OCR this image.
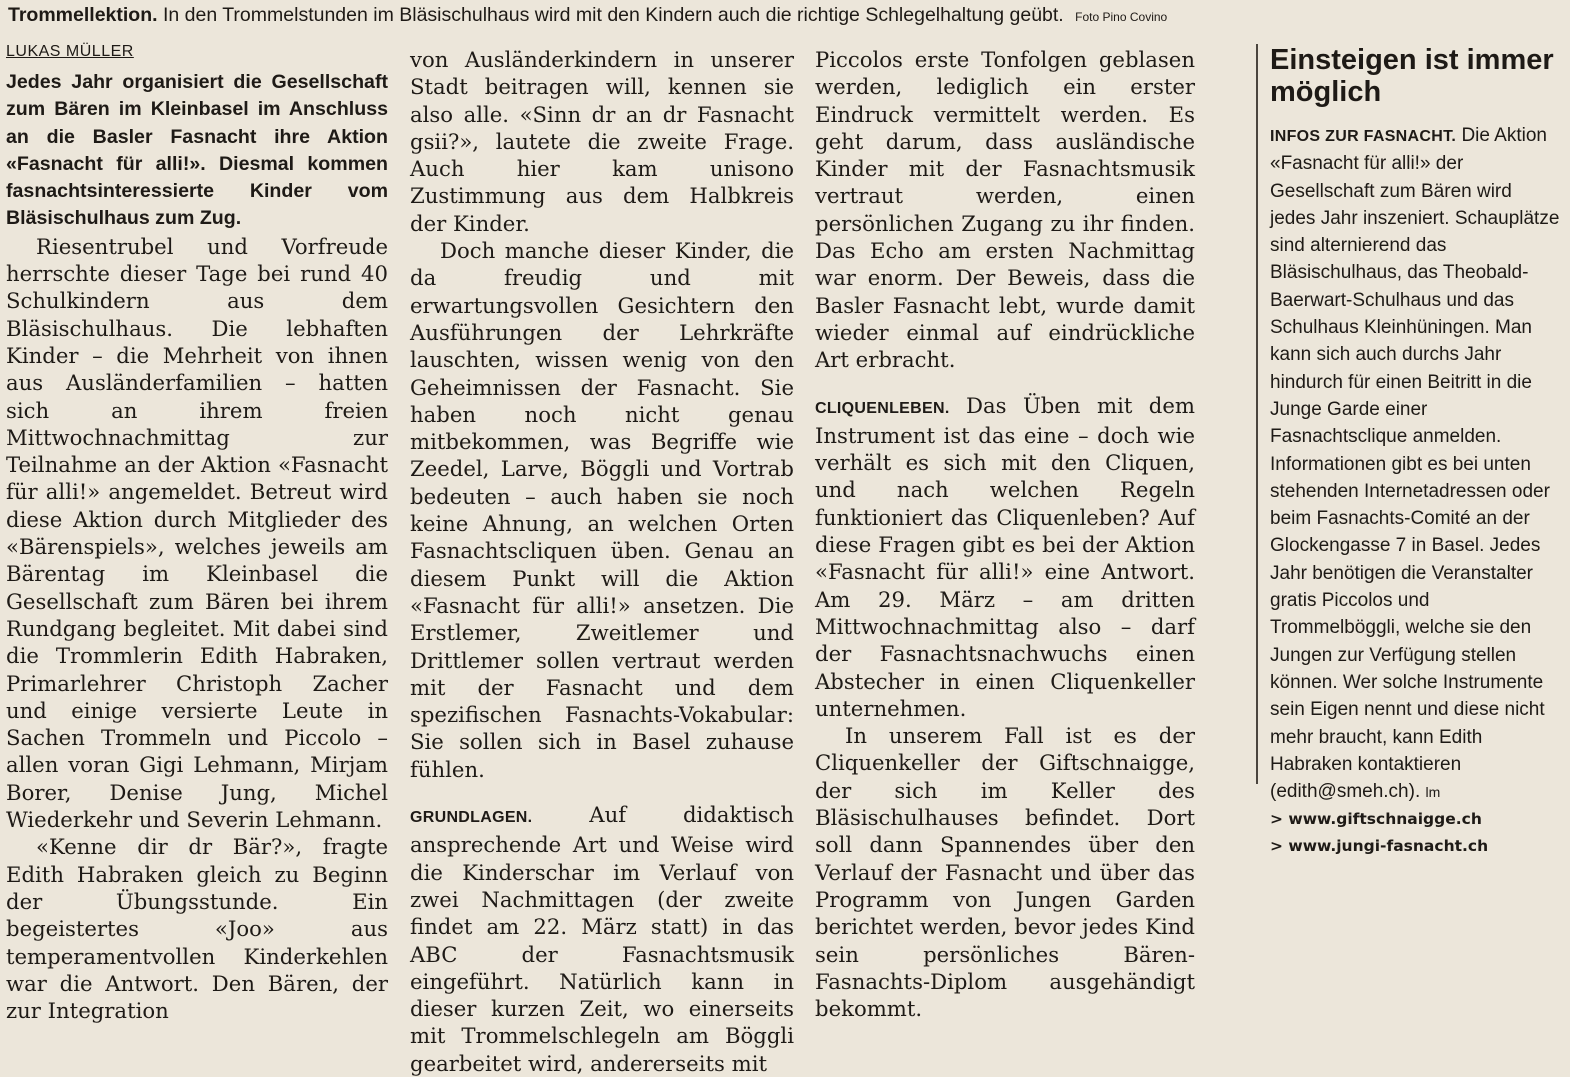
Trommellektion. In den Trommelstunden im Bläsischulhaus wird mit den Kindern auch die richtige Schlegelhaltung geübt. Foto Pino Covino
LUKAS MÜLLER

Jedes Jahr organisiert die Gesellschaft zum Bären im Kleinbasel im Anschluss an die Basler Fasnacht ihre Aktion «Fasnacht für alli!». Diesmal kommen fasnachtsinteressierte Kinder vom Bläsischulhaus zum Zug.

Riesentrubel und Vorfreude herrschte dieser Tage bei rund 40 Schulkindern aus dem Bläsischulhaus. Die lebhaften Kinder – die Mehrheit von ihnen aus Ausländerfamilien – hatten sich an ihrem freien Mittwochnachmittag zur Teilnahme an der Aktion «Fasnacht für alli!» angemeldet. Betreut wird diese Aktion durch Mitglieder des «Bärenspiels», welches jeweils am Bärentag im Kleinbasel die Gesellschaft zum Bären bei ihrem Rundgang begleitet. Mit dabei sind die Trommlerin Edith Habraken, Primarlehrer Christoph Zacher und einige versierte Leute in Sachen Trommeln und Piccolo – allen voran Gigi Lehmann, Mirjam Borer, Denise Jung, Michel Wiederkehr und Severin Lehmann.

«Kenne dir dr Bär?», fragte Edith Habraken gleich zu Beginn der Übungsstunde. Ein begeistertes «Joo» aus temperamentvollen Kinderkehlen war die Antwort. Den Bären, der zur Integration

von Ausländerkindern in unserer Stadt beitragen will, kennen sie also alle. «Sinn dr an dr Fasnacht gsii?», lautete die zweite Frage. Auch hier kam unisono Zustimmung aus dem Halbkreis der Kinder.

Doch manche dieser Kinder, die da freudig und mit erwartungsvollen Gesichtern den Ausführungen der Lehrkräfte lauschten, wissen wenig von den Geheimnissen der Fasnacht. Sie haben noch nicht genau mitbekommen, was Begriffe wie Zeedel, Larve, Böggli und Vortrab bedeuten – auch haben sie noch keine Ahnung, an welchen Orten Fasnachtscliquen üben. Genau an diesem Punkt will die Aktion «Fasnacht für alli!» ansetzen. Die Erstlemer, Zweitlemer und Drittlemer sollen vertraut werden mit der Fasnacht und dem spezifischen Fasnachts-Vokabular: Sie sollen sich in Basel zuhause fühlen.

GRUNDLAGEN.	Auf didaktisch ansprechende Art und Weise wird die Kinderschar im Verlauf von zwei Nachmittagen (der zweite findet am 22. März statt) in das ABC der Fasnachtsmusik eingeführt. Natürlich kann in dieser kurzen Zeit, wo einerseits mit Trommelschlegeln am Böggli gearbeitet wird, andererseits mit

Piccolos erste Tonfolgen geblasen werden, lediglich ein erster Eindruck vermittelt werden. Es geht darum, dass ausländische Kinder mit der Fasnachtsmusik vertraut werden, einen persönlichen Zugang zu ihr finden. Das Echo am ersten Nachmittag war enorm. Der Beweis, dass die Basler Fasnacht lebt, wurde damit wieder einmal auf eindrückliche Art erbracht.

CLIQUENLEBEN. Das Üben mit dem Instrument ist das eine – doch wie verhält es sich mit den Cliquen, und nach welchen Regeln funktioniert das Cliquenleben? Auf diese Fragen gibt es bei der Aktion «Fasnacht für alli!» eine Antwort. Am 29. März – am dritten Mittwochnachmittag also – darf der Fasnachtsnachwuchs einen Abstecher in einen Cliquenkeller unternehmen.

In unserem Fall ist es der Cliquenkeller der Giftschnaigge, der sich im Keller des Bläsischulhauses befindet. Dort soll dann Spannendes über den Verlauf der Fasnacht und über das Programm von Jungen Garden berichtet werden, bevor jedes Kind sein persönliches Bären-Fasnachts-Diplom ausgehändigt bekommt.

Einsteigen ist immer möglich

INFOS ZUR FASNACHT. Die Aktion «Fasnacht für alli!» der Gesellschaft zum Bären wird jedes Jahr inszeniert. Schauplätze sind alternierend das Bläsischulhaus, das Theobald-Baerwart-Schulhaus und das Schulhaus Kleinhüningen. Man kann sich auch durchs Jahr hindurch für einen Beitritt in die Junge Garde einer Fasnachtsclique anmelden. Informationen gibt es bei unten stehenden Internetadressen oder beim Fasnachts-Comité an der Glockengasse 7 in Basel. Jedes Jahr benötigen die Veranstalter gratis Piccolos und Trommelböggli, welche sie den Jungen zur Verfügung stellen können. Wer solche Instrumente sein Eigen nennt und diese nicht mehr braucht, kann Edith Habraken kontaktieren (edith@smeh.ch). lm

> www.giftschnaigge.ch
> www.jungi-fasnacht.ch
